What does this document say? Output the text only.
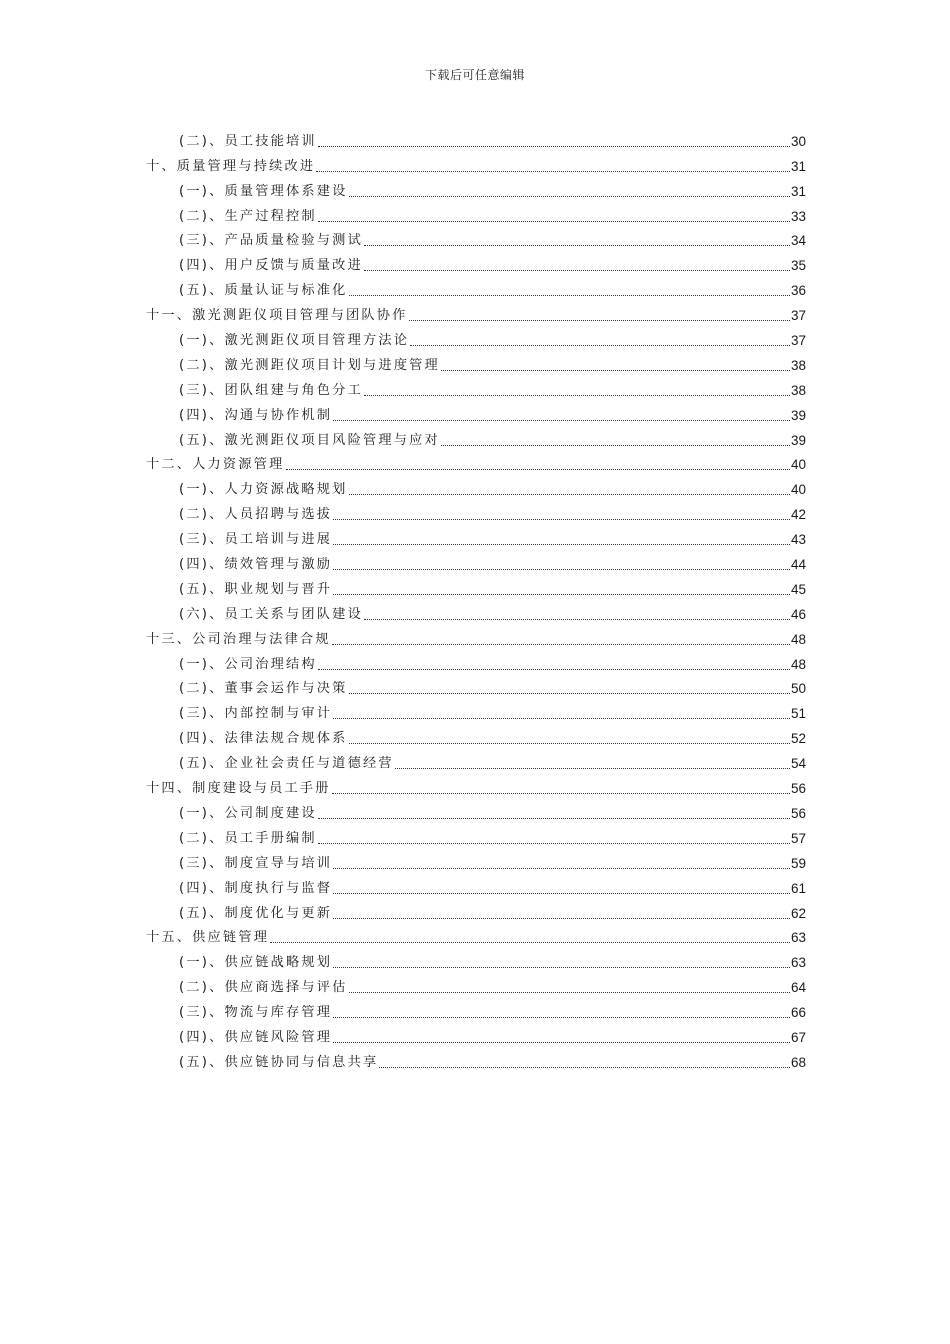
下载后可任意编辑
(二)、员工技能培训	30
十、质量管理与持续改进	31
(一)、质量管理体系建设	31
(二)、生产过程控制	33
(三)、产品质量检验与测试	34
(四)、用户反馈与质量改进	35
(五)、质量认证与标准化	36
十一、激光测距仪项目管理与团队协作	37
(一)、激光测距仪项目管理方法论	37
(二)、激光测距仪项目计划与进度管理	38
(三)、团队组建与角色分工	38
(四)、沟通与协作机制	39
(五)、激光测距仪项目风险管理与应对	39
十二、人力资源管理	40
(一)、人力资源战略规划	40
(二)、人员招聘与选拔	42
(三)、员工培训与进展	43
(四)、绩效管理与激励	44
(五)、职业规划与晋升	45
(六)、员工关系与团队建设	46
十三、公司治理与法律合规	48
(一)、公司治理结构	48
(二)、董事会运作与决策	50
(三)、内部控制与审计	51
(四)、法律法规合规体系	52
(五)、企业社会责任与道德经营	54
十四、制度建设与员工手册	56
(一)、公司制度建设	56
(二)、员工手册编制	57
(三)、制度宣导与培训	59
(四)、制度执行与监督	61
(五)、制度优化与更新	62
十五、供应链管理	63
(一)、供应链战略规划	63
(二)、供应商选择与评估	64
(三)、物流与库存管理	66
(四)、供应链风险管理	67
(五)、供应链协同与信息共享	68
